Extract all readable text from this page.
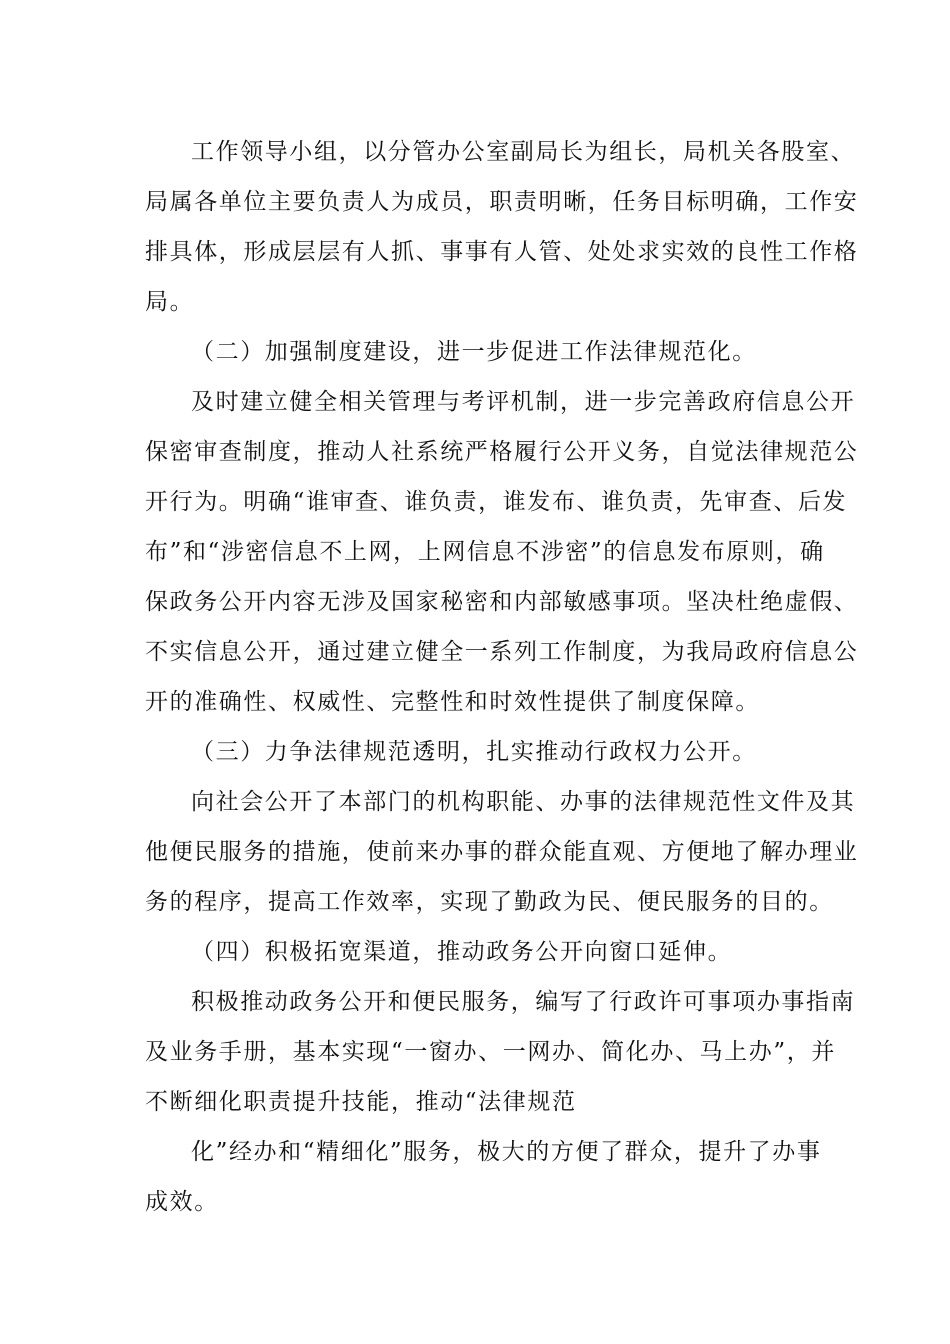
工作领导小组，以分管办公室副局长为组长，局机关各股室、
局属各单位主要负责人为成员，职责明晰，任务目标明确，工作安
排具体，形成层层有人抓、事事有人管、处处求实效的良性工作格
局。
（二）加强制度建设，进一步促进工作法律规范化。
及时建立健全相关管理与考评机制，进一步完善政府信息公开
保密审查制度，推动人社系统严格履行公开义务，自觉法律规范公
开行为。明确“谁审查、谁负责，谁发布、谁负责，先审查、后发
布”和“涉密信息不上网，上网信息不涉密”的信息发布原则，确
保政务公开内容无涉及国家秘密和内部敏感事项。坚决杜绝虚假、
不实信息公开，通过建立健全一系列工作制度，为我局政府信息公
开的准确性、权威性、完整性和时效性提供了制度保障。
（三）力争法律规范透明，扎实推动行政权力公开。
向社会公开了本部门的机构职能、办事的法律规范性文件及其
他便民服务的措施，使前来办事的群众能直观、方便地了解办理业
务的程序，提高工作效率，实现了勤政为民、便民服务的目的。
（四）积极拓宽渠道，推动政务公开向窗口延伸。
积极推动政务公开和便民服务，编写了行政许可事项办事指南
及业务手册，基本实现“一窗办、一网办、简化办、马上办”，并
不断细化职责提升技能，推动“法律规范
化”经办和“精细化”服务，极大的方便了群众，提升了办事
成效。
